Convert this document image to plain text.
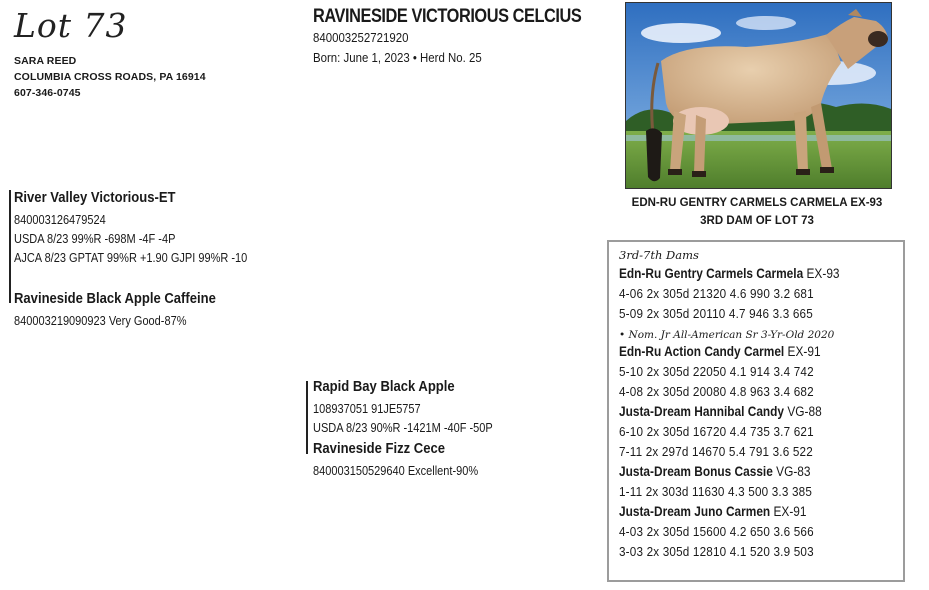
Lot 73
SARA REED
COLUMBIA CROSS ROADS, PA 16914
607-346-0745
RAVINESIDE VICTORIOUS CELCIUS
840003252721920
Born: June 1, 2023 • Herd No. 25
EDN-RU GENTRY CARMELS CARMELA EX-93
3RD DAM OF LOT 73
River Valley Victorious-ET
840003126479524
USDA 8/23 99%R -698M -4F -4P
AJCA 8/23 GPTAT 99%R +1.90 GJPI 99%R -10
Ravineside Black Apple Caffeine
840003219090923 Very Good-87%
Rapid Bay Black Apple
108937051 91JE5757
USDA 8/23 90%R -1421M -40F -50P
Ravineside Fizz Cece
840003150529640 Excellent-90%
3rd-7th Dams
Edn-Ru Gentry Carmels Carmela EX-93
4-06 2x 305d 21320 4.6 990 3.2 681
5-09 2x 305d 20110 4.7 946 3.3 665
• Nom. Jr All-American Sr 3-Yr-Old 2020
Edn-Ru Action Candy Carmel EX-91
5-10 2x 305d 22050 4.1 914 3.4 742
4-08 2x 305d 20080 4.8 963 3.4 682
Justa-Dream Hannibal Candy VG-88
6-10 2x 305d 16720 4.4 735 3.7 621
7-11 2x 297d 14670 5.4 791 3.6 522
Justa-Dream Bonus Cassie VG-83
1-11 2x 303d 11630 4.3 500 3.3 385
Justa-Dream Juno Carmen EX-91
4-03 2x 305d 15600 4.2 650 3.6 566
3-03 2x 305d 12810 4.1 520 3.9 503
